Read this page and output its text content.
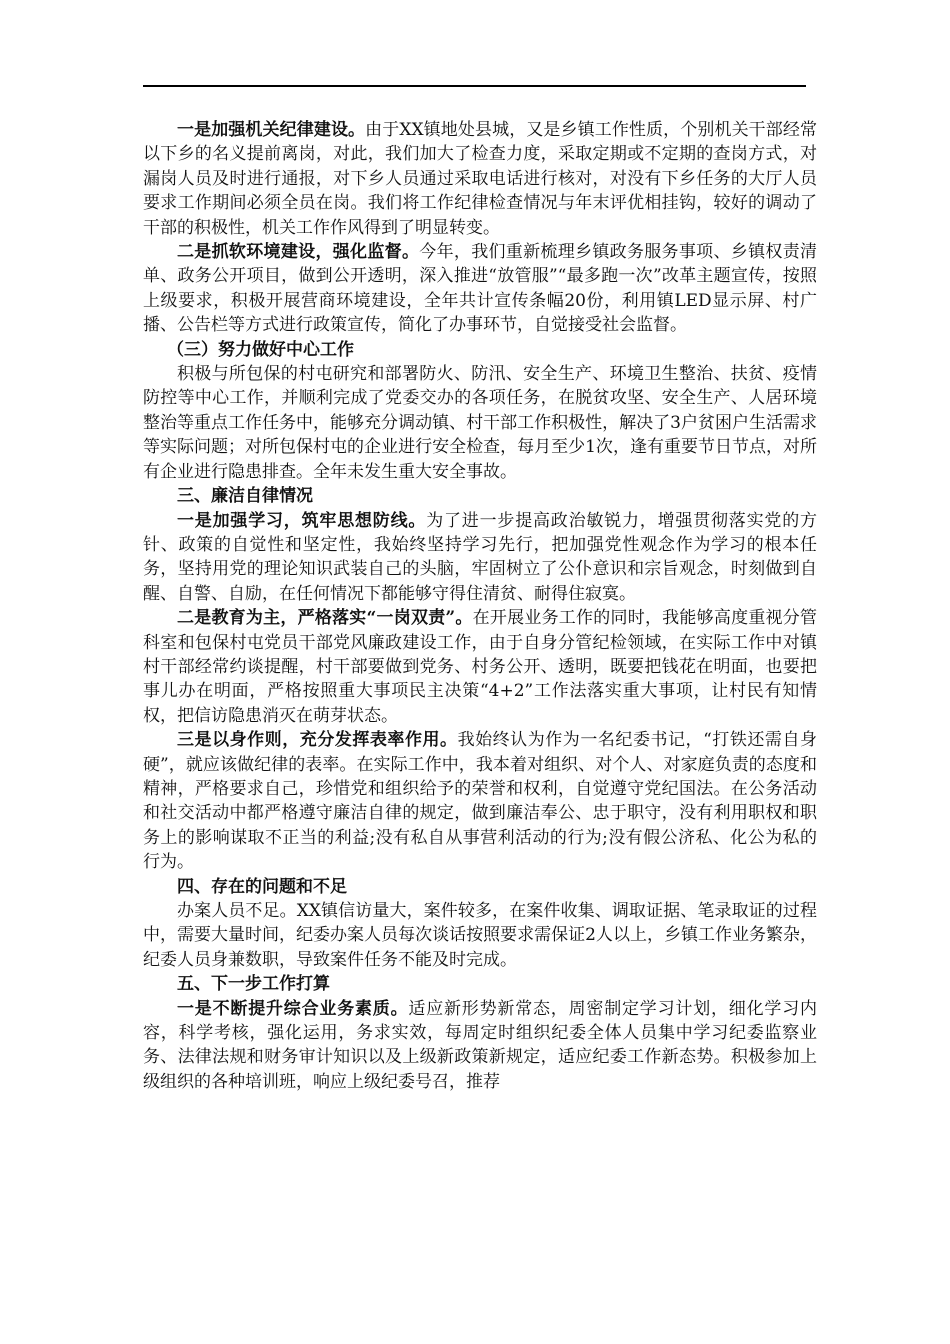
一是加强机关纪律建设。由于XX镇地处县城，又是乡镇工作性质，个别机关干部经常以下乡的名义提前离岗，对此，我们加大了检查力度，采取定期或不定期的查岗方式，对漏岗人员及时进行通报，对下乡人员通过采取电话进行核对，对没有下乡任务的大厅人员要求工作期间必须全员在岗。我们将工作纪律检查情况与年末评优相挂钩，较好的调动了干部的积极性，机关工作作风得到了明显转变。

二是抓软环境建设，强化监督。今年，我们重新梳理乡镇政务服务事项、乡镇权责清单、政务公开项目，做到公开透明，深入推进“放管服”“最多跑一次”改革主题宣传，按照上级要求，积极开展营商环境建设，全年共计宣传条幅20份，利用镇LED显示屏、村广播、公告栏等方式进行政策宣传，简化了办事环节，自觉接受社会监督。

（三）努力做好中心工作

积极与所包保的村屯研究和部署防火、防汛、安全生产、环境卫生整治、扶贫、疫情防控等中心工作，并顺利完成了党委交办的各项任务，在脱贫攻坚、安全生产、人居环境整治等重点工作任务中，能够充分调动镇、村干部工作积极性，解决了3户贫困户生活需求等实际问题；对所包保村屯的企业进行安全检查，每月至少1次，逢有重要节日节点，对所有企业进行隐患排查。全年未发生重大安全事故。

三、廉洁自律情况

一是加强学习，筑牢思想防线。为了进一步提高政治敏锐力，增强贯彻落实党的方针、政策的自觉性和坚定性，我始终坚持学习先行，把加强党性观念作为学习的根本任务，坚持用党的理论知识武装自己的头脑，牢固树立了公仆意识和宗旨观念，时刻做到自醒、自警、自励，在任何情况下都能够守得住清贫、耐得住寂寞。

二是教育为主，严格落实“一岗双责”。在开展业务工作的同时，我能够高度重视分管科室和包保村屯党员干部党风廉政建设工作，由于自身分管纪检领域，在实际工作中对镇村干部经常约谈提醒，村干部要做到党务、村务公开、透明，既要把钱花在明面，也要把事儿办在明面，严格按照重大事项民主决策“4+2”工作法落实重大事项，让村民有知情权，把信访隐患消灭在萌芽状态。

三是以身作则，充分发挥表率作用。我始终认为作为一名纪委书记，“打铁还需自身硬”，就应该做纪律的表率。在实际工作中，我本着对组织、对个人、对家庭负责的态度和精神，严格要求自己，珍惜党和组织给予的荣誉和权利，自觉遵守党纪国法。在公务活动和社交活动中都严格遵守廉洁自律的规定，做到廉洁奉公、忠于职守，没有利用职权和职务上的影响谋取不正当的利益;没有私自从事营利活动的行为;没有假公济私、化公为私的行为。

四、存在的问题和不足

办案人员不足。XX镇信访量大，案件较多，在案件收集、调取证据、笔录取证的过程中，需要大量时间，纪委办案人员每次谈话按照要求需保证2人以上，乡镇工作业务繁杂，纪委人员身兼数职，导致案件任务不能及时完成。

五、下一步工作打算

一是不断提升综合业务素质。适应新形势新常态，周密制定学习计划，细化学习内容，科学考核，强化运用，务求实效，每周定时组织纪委全体人员集中学习纪委监察业务、法律法规和财务审计知识以及上级新政策新规定，适应纪委工作新态势。积极参加上级组织的各种培训班，响应上级纪委号召，推荐
